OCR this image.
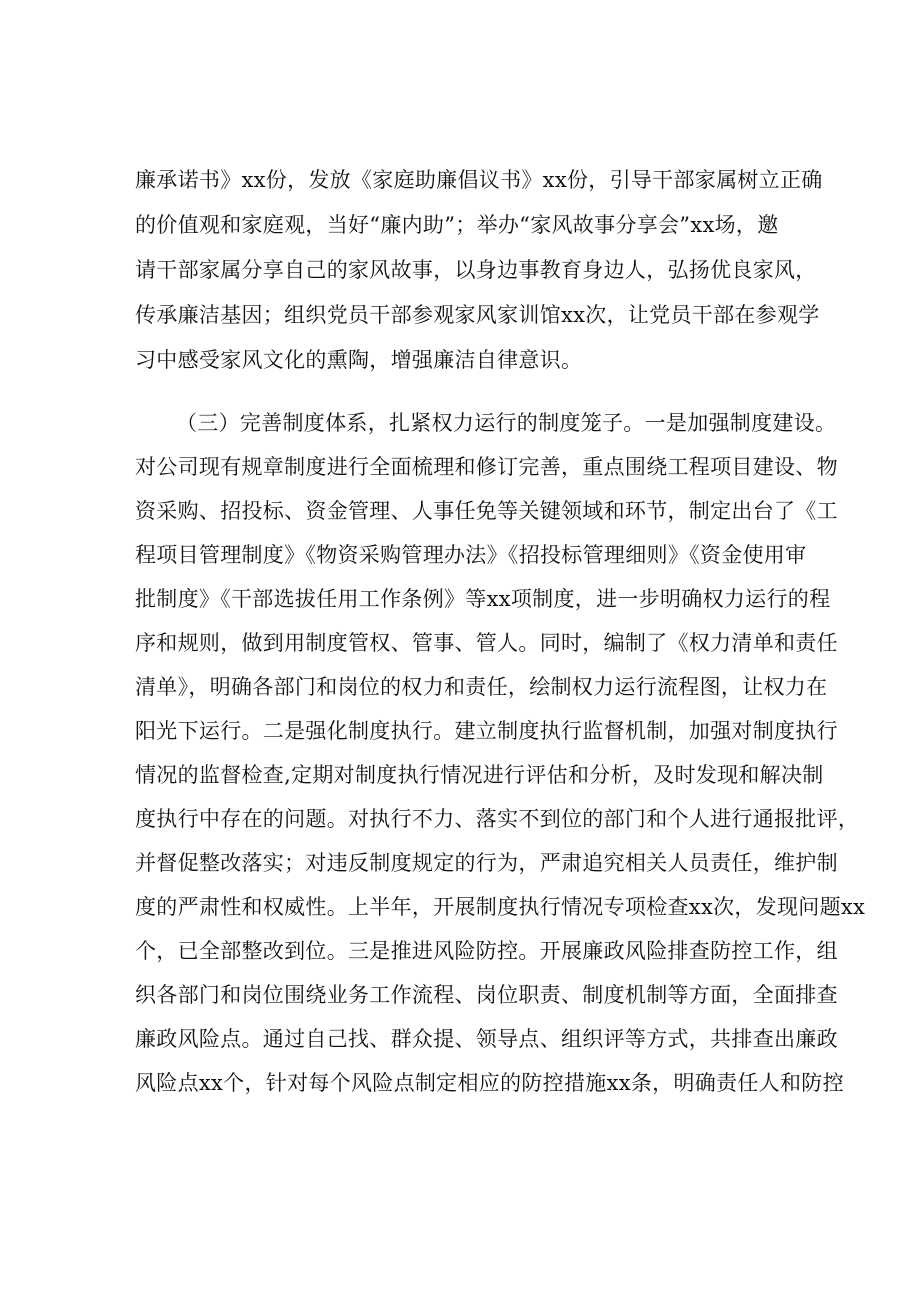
廉承诺书》xx份，发放《家庭助廉倡议书》xx份，引导干部家属树立正确
的价值观和家庭观，当好“廉内助”；举办“家风故事分享会”xx场，邀
请干部家属分享自己的家风故事，以身边事教育身边人，弘扬优良家风，
传承廉洁基因；组织党员干部参观家风家训馆xx次，让党员干部在参观学
习中感受家风文化的熏陶，增强廉洁自律意识。
（三）完善制度体系，扎紧权力运行的制度笼子。一是加强制度建设。
对公司现有规章制度进行全面梳理和修订完善，重点围绕工程项目建设、物
资采购、招投标、资金管理、人事任免等关键领域和环节，制定出台了《工
程项目管理制度》《物资采购管理办法》《招投标管理细则》《资金使用审
批制度》《干部选拔任用工作条例》等xx项制度，进一步明确权力运行的程
序和规则，做到用制度管权、管事、管人。同时，编制了《权力清单和责任
清单》，明确各部门和岗位的权力和责任，绘制权力运行流程图，让权力在
阳光下运行。二是强化制度执行。建立制度执行监督机制，加强对制度执行
情况的监督检查,定期对制度执行情况进行评估和分析，及时发现和解决制
度执行中存在的问题。对执行不力、落实不到位的部门和个人进行通报批评，
并督促整改落实；对违反制度规定的行为，严肃追究相关人员责任，维护制
度的严肃性和权威性。上半年，开展制度执行情况专项检查xx次，发现问题xx
个，已全部整改到位。三是推进风险防控。开展廉政风险排查防控工作，组
织各部门和岗位围绕业务工作流程、岗位职责、制度机制等方面，全面排查
廉政风险点。通过自己找、群众提、领导点、组织评等方式，共排查出廉政
风险点xx个，针对每个风险点制定相应的防控措施xx条，明确责任人和防控
